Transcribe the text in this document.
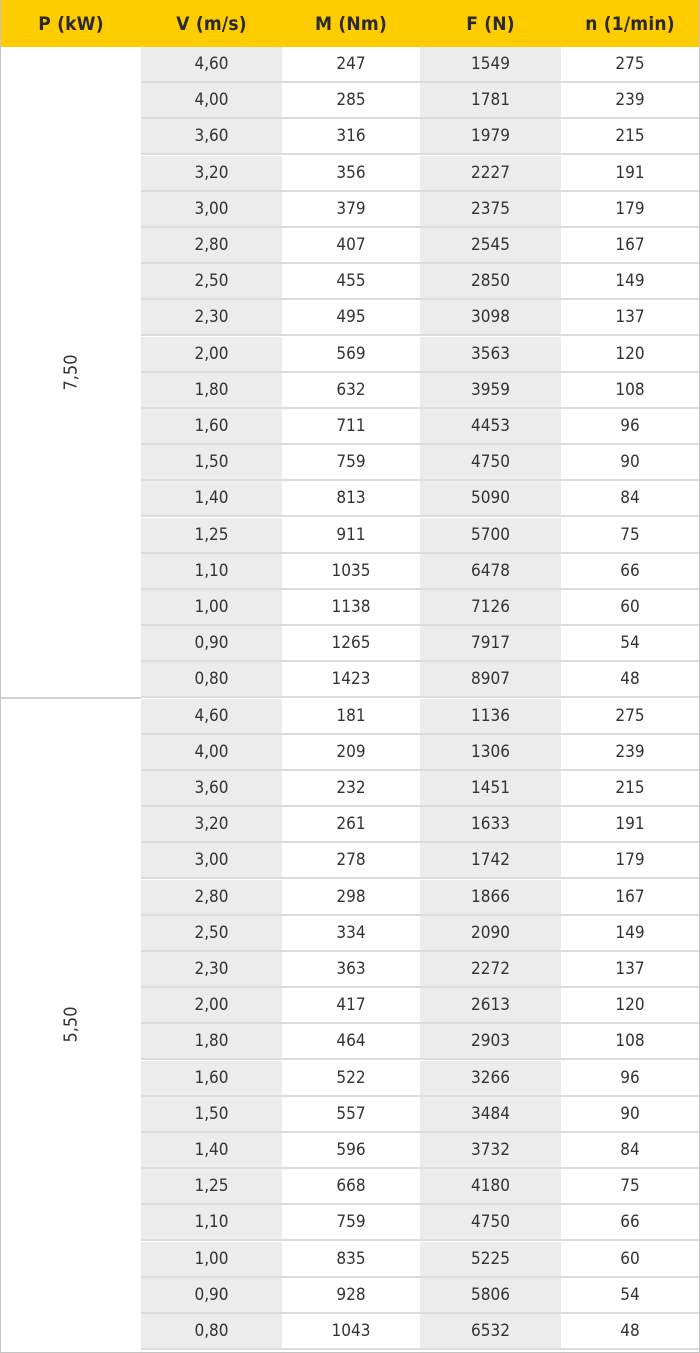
P (kW)	V (m/s)	M (Nm)	F (N)	n (1/min)
7,50
4,60	247	1549	275
4,00	285	1781	239
3,60	316	1979	215
3,20	356	2227	191
3,00	379	2375	179
2,80	407	2545	167
2,50	455	2850	149
2,30	495	3098	137
2,00	569	3563	120
1,80	632	3959	108
1,60	711	4453	96
1,50	759	4750	90
1,40	813	5090	84
1,25	911	5700	75
1,10	1035	6478	66
1,00	1138	7126	60
0,90	1265	7917	54
0,80	1423	8907	48
5,50
4,60	181	1136	275
4,00	209	1306	239
3,60	232	1451	215
3,20	261	1633	191
3,00	278	1742	179
2,80	298	1866	167
2,50	334	2090	149
2,30	363	2272	137
2,00	417	2613	120
1,80	464	2903	108
1,60	522	3266	96
1,50	557	3484	90
1,40	596	3732	84
1,25	668	4180	75
1,10	759	4750	66
1,00	835	5225	60
0,90	928	5806	54
0,80	1043	6532	48
